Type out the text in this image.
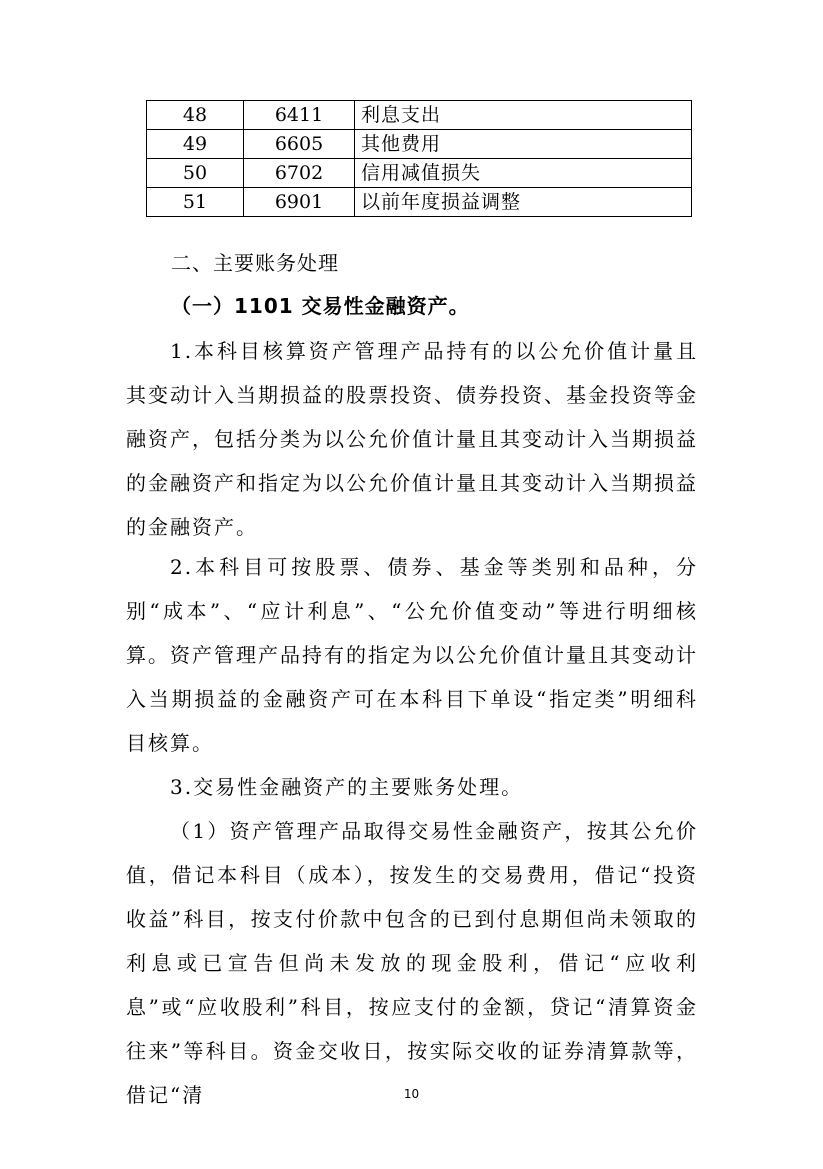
48	6411	利息支出
49	6605	其他费用
50	6702	信用减值损失
51	6901	以前年度损益调整
二、主要账务处理
（一）1101 交易性金融资产。

1.本科目核算资产管理产品持有的以公允价值计量且其变动计入当期损益的股票投资、债券投资、基金投资等金融资产，包括分类为以公允价值计量且其变动计入当期损益的金融资产和指定为以公允价值计量且其变动计入当期损益的金融资产。

2.本科目可按股票、债券、基金等类别和品种，分别“成本”、“应计利息”、“公允价值变动”等进行明细核算。资产管理产品持有的指定为以公允价值计量且其变动计入当期损益的金融资产可在本科目下单设“指定类”明细科目核算。

3.交易性金融资产的主要账务处理。

（1）资产管理产品取得交易性金融资产，按其公允价值，借记本科目（成本），按发生的交易费用，借记“投资收益”科目，按支付价款中包含的已到付息期但尚未领取的利息或已宣告但尚未发放的现金股利，借记“应收利息”或“应收股利”科目，按应支付的金额，贷记“清算资金往来”等科目。资金交收日，按实际交收的证券清算款等，借记“清	10
